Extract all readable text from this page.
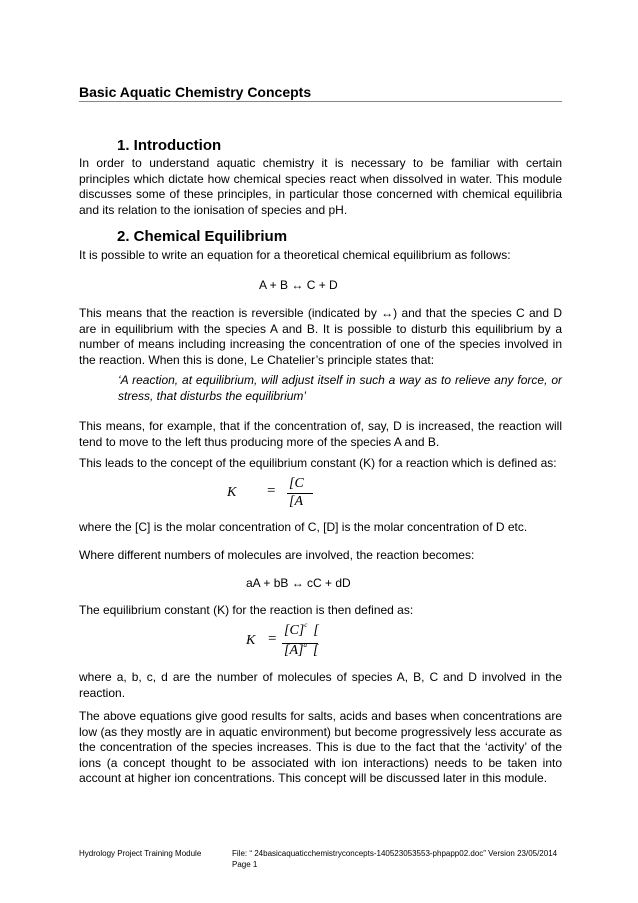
Basic Aquatic Chemistry Concepts
1. Introduction

In order to understand aquatic chemistry it is necessary to be familiar with certain principles which dictate how chemical species react when dissolved in water. This module discusses some of these principles, in particular those concerned with chemical equilibria and its relation to the ionisation of species and pH.

2. Chemical Equilibrium

It is possible to write an equation for a theoretical chemical equilibrium as follows:

A + B ↔ C + D

This means that the reaction is reversible (indicated by ↔) and that the species C and D are in equilibrium with the species A and B. It is possible to disturb this equilibrium by a number of means including increasing the concentration of one of the species involved in the reaction. When this is done, Le Chatelier’s principle states that:

‘A reaction, at equilibrium, will adjust itself in such a way as to relieve any force, or stress, that disturbs the equilibrium’

This means, for example, that if the concentration of, say, D is increased, the reaction will tend to move to the left thus producing more of the species A and B.

This leads to the concept of the equilibrium constant (K) for a reaction which is defined as:

K = [C
[A

where the [C] is the molar concentration of C, [D] is the molar concentration of D etc.

Where different numbers of molecules are involved, the reaction becomes:

aA + bB ↔ cC + dD

The equilibrium constant (K) for the reaction is then defined as:

K =
$[C]^c$ [
$[A]^a$ [

where a, b, c, d are the number of molecules of species A, B, C and D involved in the reaction.

The above equations give good results for salts, acids and bases when concentrations are low (as they mostly are in aquatic environment) but become progressively less accurate as the concentration of the species increases. This is due to the fact that the ‘activity’ of the ions (a concept thought to be associated with ion interactions) needs to be taken into account at higher ion concentrations. This concept will be discussed later in this module.

Hydrology Project Training Module	File: “ 24basicaquaticchemistryconcepts-140523053553-phpapp02.doc” Version 23/05/2014
Page 1
